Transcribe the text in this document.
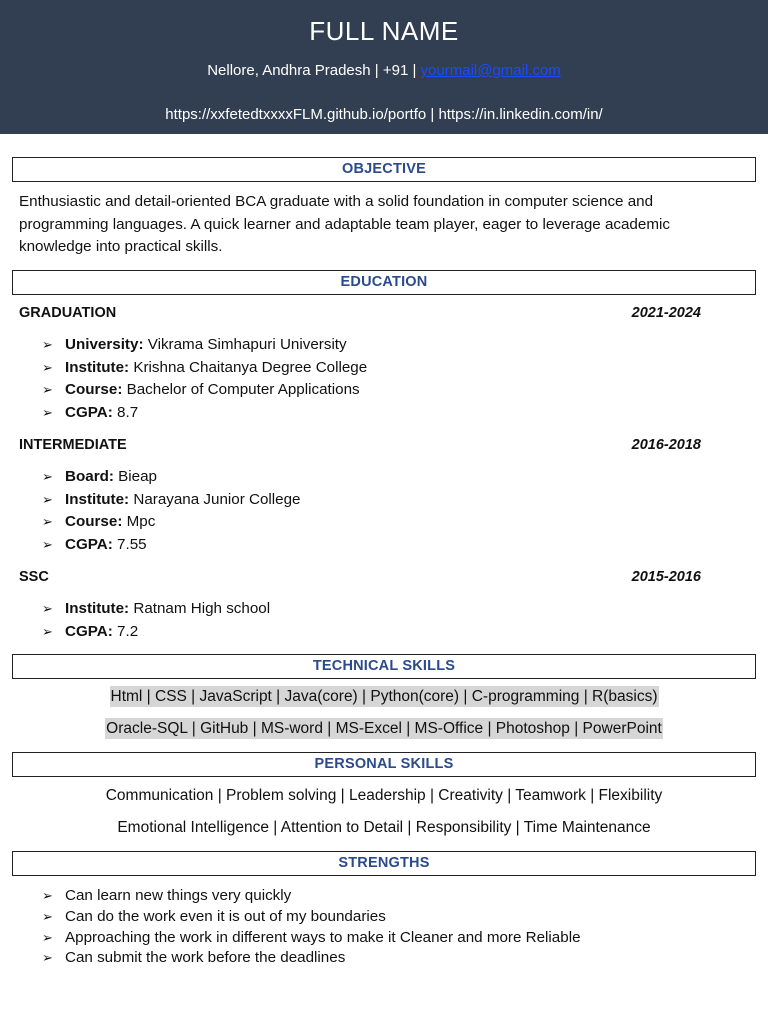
FULL NAME
Nellore, Andhra Pradesh | +91 | yourmail@gmail.com
https://xxfetedtxxxxFLM.github.io/portfo | https://in.linkedin.com/in/
OBJECTIVE
Enthusiastic and detail-oriented BCA graduate with a solid foundation in computer science and
programming languages. A quick learner and adaptable team player, eager to leverage academic
knowledge into practical skills.
EDUCATION
GRADUATION	2021-2024
➢ University: Vikrama Simhapuri University
➢ Institute: Krishna Chaitanya Degree College
➢ Course: Bachelor of Computer Applications
➢ CGPA: 8.7
INTERMEDIATE	2016-2018
➢ Board: Bieap
➢ Institute: Narayana Junior College
➢ Course: Mpc
➢ CGPA: 7.55
SSC	2015-2016
➢ Institute: Ratnam High school
➢ CGPA: 7.2
TECHNICAL SKILLS
Html | CSS | JavaScript | Java(core) | Python(core) | C-programming | R(basics)
Oracle-SQL | GitHub | MS-word | MS-Excel | MS-Office | Photoshop | PowerPoint
PERSONAL SKILLS
Communication | Problem solving | Leadership | Creativity | Teamwork | Flexibility
Emotional Intelligence | Attention to Detail | Responsibility | Time Maintenance
STRENGTHS
➢ Can learn new things very quickly
➢ Can do the work even it is out of my boundaries
➢ Approaching the work in different ways to make it Cleaner and more Reliable
➢ Can submit the work before the deadlines
